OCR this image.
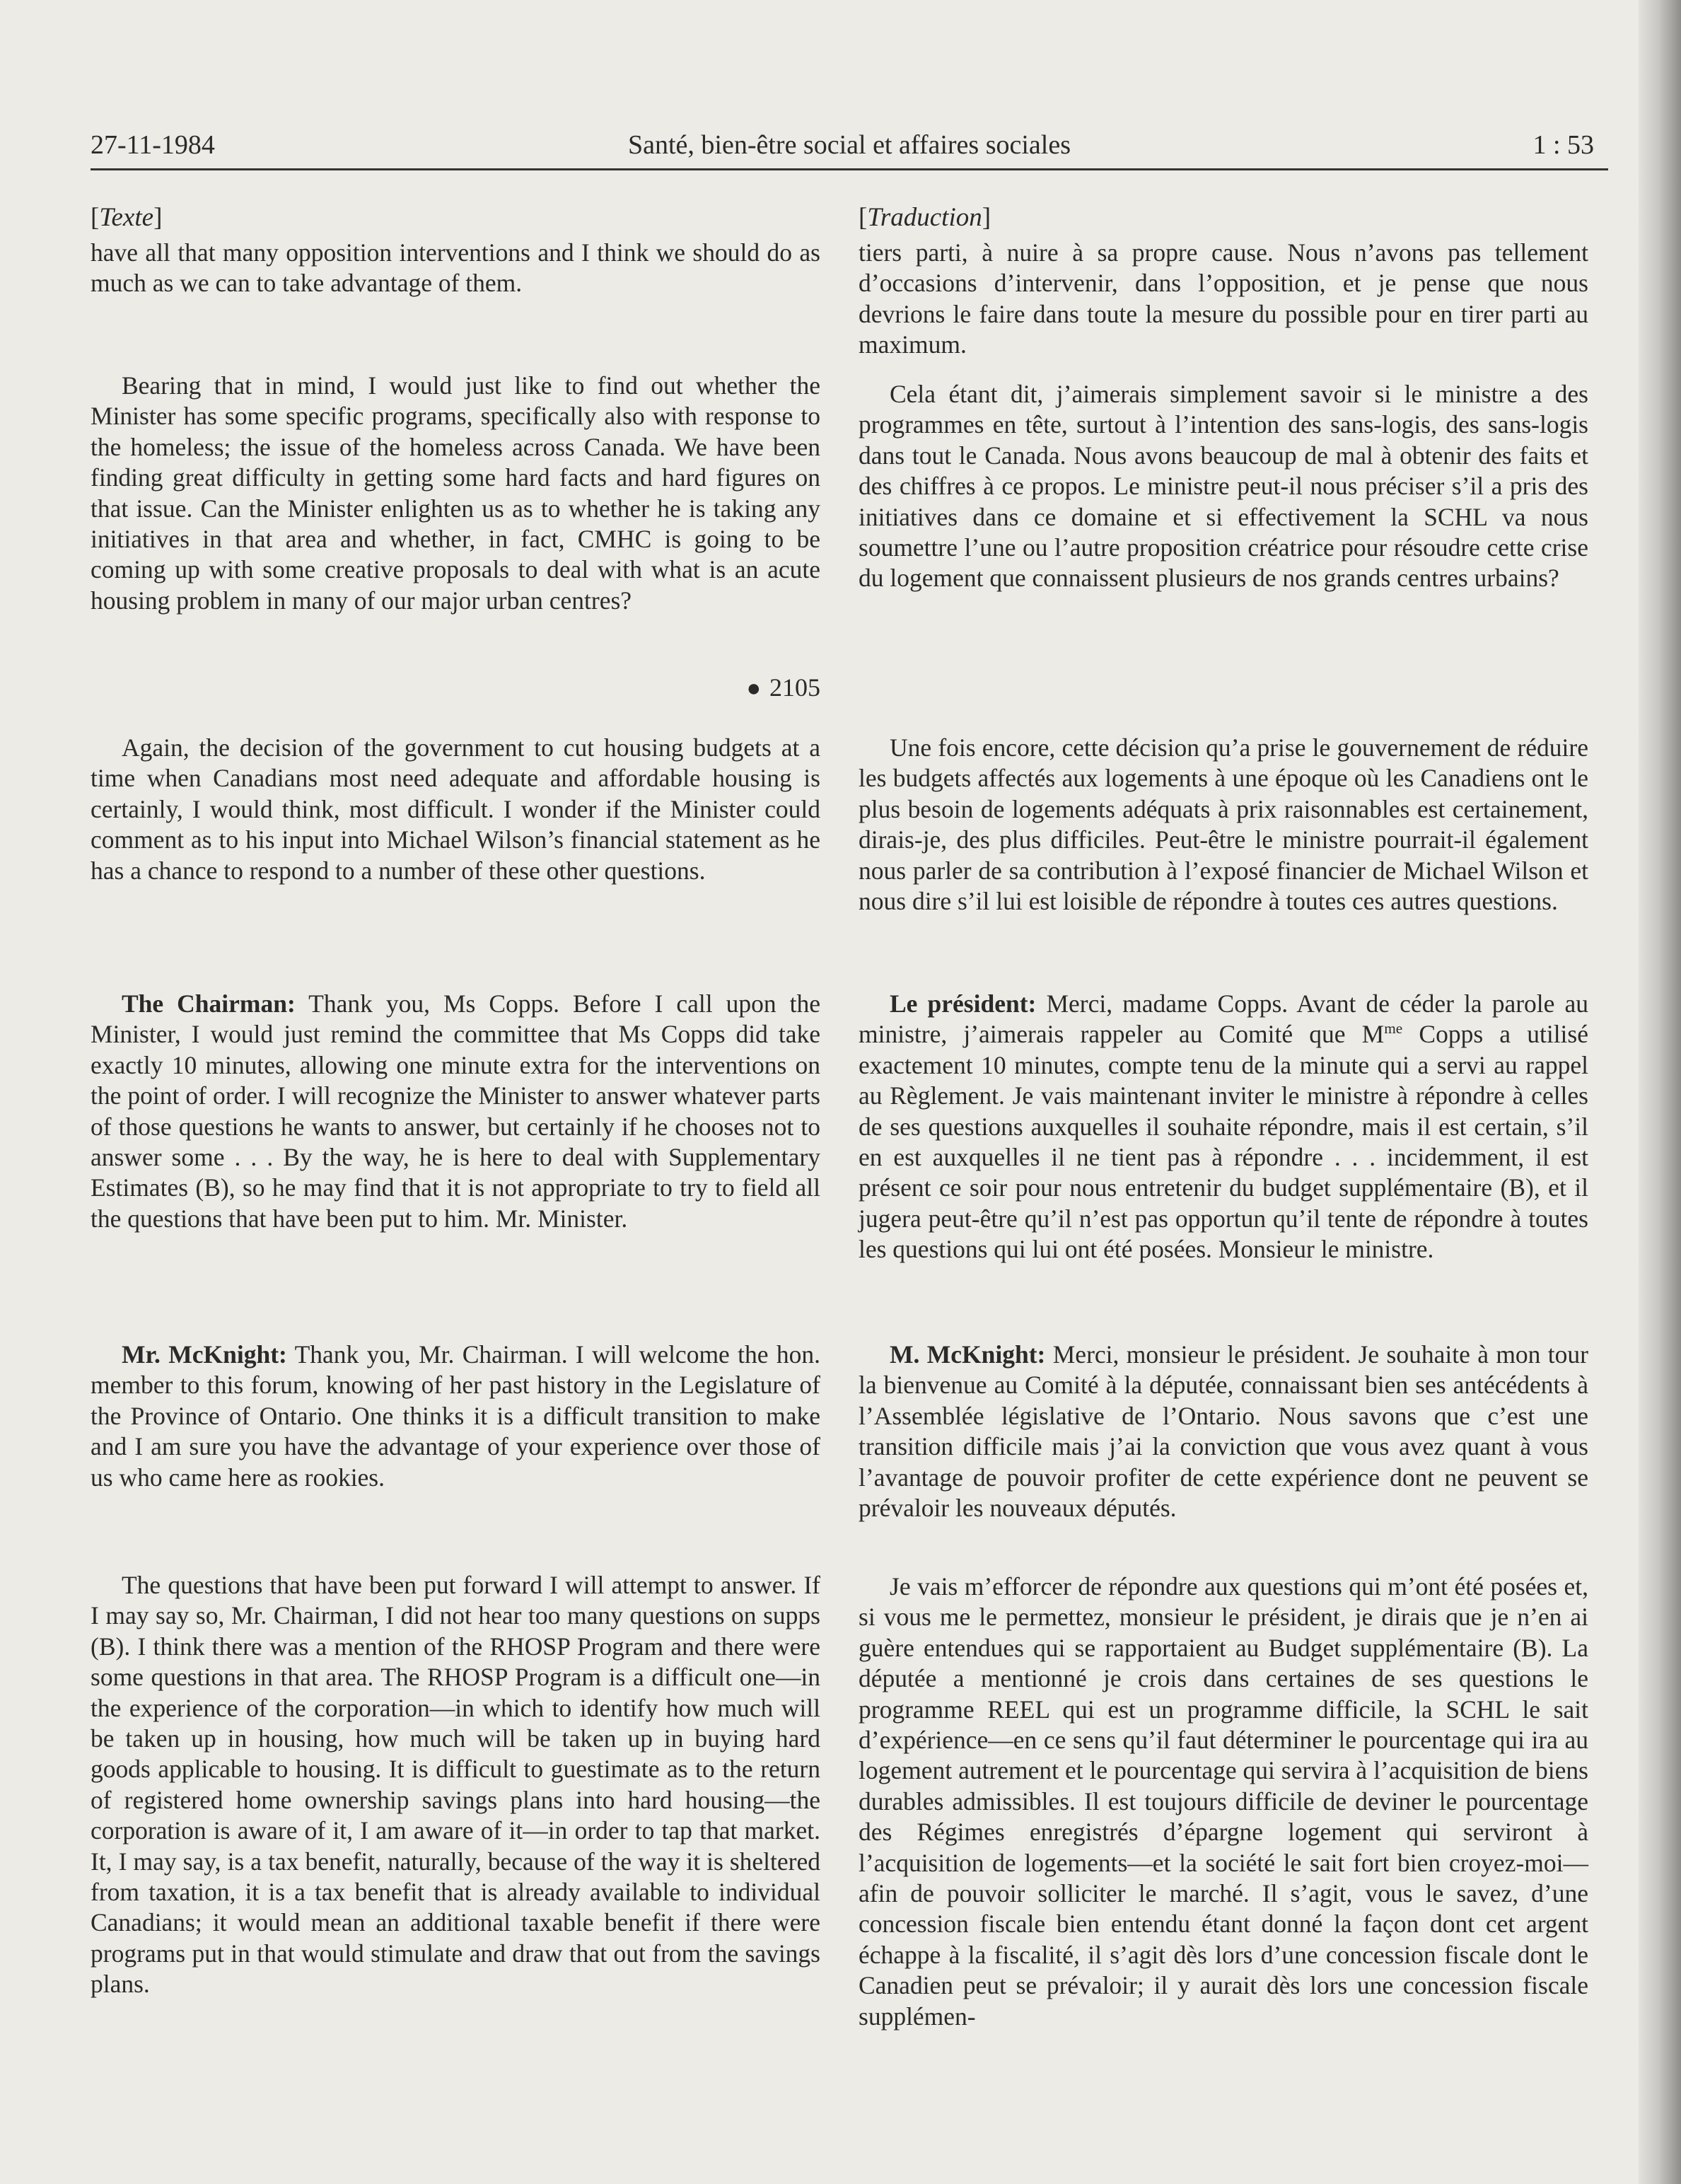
27-11-1984	Santé, bien-être social et affaires sociales	1 : 53
[Texte]

have all that many opposition interventions and I think we should do as much as we can to take advantage of them.

Bearing that in mind, I would just like to find out whether the Minister has some specific programs, specifically also with response to the homeless; the issue of the homeless across Canada. We have been finding great difficulty in getting some hard facts and hard figures on that issue. Can the Minister enlighten us as to whether he is taking any initiatives in that area and whether, in fact, CMHC is going to be coming up with some creative proposals to deal with what is an acute housing problem in many of our major urban centres?

● 2105

Again, the decision of the government to cut housing budgets at a time when Canadians most need adequate and affordable housing is certainly, I would think, most difficult. I wonder if the Minister could comment as to his input into Michael Wilson’s financial statement as he has a chance to respond to a number of these other questions.

The Chairman: Thank you, Ms Copps. Before I call upon the Minister, I would just remind the committee that Ms Copps did take exactly 10 minutes, allowing one minute extra for the interventions on the point of order. I will recognize the Minister to answer whatever parts of those questions he wants to answer, but certainly if he chooses not to answer some . . . By the way, he is here to deal with Supplementary Estimates (B), so he may find that it is not appropriate to try to field all the questions that have been put to him. Mr. Minister.

Mr. McKnight: Thank you, Mr. Chairman. I will welcome the hon. member to this forum, knowing of her past history in the Legislature of the Province of Ontario. One thinks it is a difficult transition to make and I am sure you have the advantage of your experience over those of us who came here as rookies.

The questions that have been put forward I will attempt to answer. If I may say so, Mr. Chairman, I did not hear too many questions on supps (B). I think there was a mention of the RHOSP Program and there were some questions in that area. The RHOSP Program is a difficult one—in the experience of the corporation—in which to identify how much will be taken up in housing, how much will be taken up in buying hard goods applicable to housing. It is difficult to guestimate as to the return of registered home ownership savings plans into hard housing—the corporation is aware of it, I am aware of it—in order to tap that market. It, I may say, is a tax benefit, naturally, because of the way it is sheltered from taxation, it is a tax benefit that is already available to individual Canadians; it would mean an additional taxable benefit if there were programs put in that would stimulate and draw that out from the savings plans.

[Traduction]

tiers parti, à nuire à sa propre cause. Nous n’avons pas tellement d’occasions d’intervenir, dans l’opposition, et je pense que nous devrions le faire dans toute la mesure du possible pour en tirer parti au maximum.

Cela étant dit, j’aimerais simplement savoir si le ministre a des programmes en tête, surtout à l’intention des sans-logis, des sans-logis dans tout le Canada. Nous avons beaucoup de mal à obtenir des faits et des chiffres à ce propos. Le ministre peut-il nous préciser s’il a pris des initiatives dans ce domaine et si effectivement la SCHL va nous soumettre l’une ou l’autre proposition créatrice pour résoudre cette crise du logement que connaissent plusieurs de nos grands centres urbains?

Une fois encore, cette décision qu’a prise le gouvernement de réduire les budgets affectés aux logements à une époque où les Canadiens ont le plus besoin de logements adéquats à prix raisonnables est certainement, dirais-je, des plus difficiles. Peut-être le ministre pourrait-il également nous parler de sa contribution à l’exposé financier de Michael Wilson et nous dire s’il lui est loisible de répondre à toutes ces autres questions.

Le président: Merci, madame Copps. Avant de céder la parole au ministre, j’aimerais rappeler au Comité que $M^{me}$ Copps a utilisé exactement 10 minutes, compte tenu de la minute qui a servi au rappel au Règlement. Je vais maintenant inviter le ministre à répondre à celles de ses questions auxquelles il souhaite répondre, mais il est certain, s’il en est auxquelles il ne tient pas à répondre . . . incidemment, il est présent ce soir pour nous entretenir du budget supplémentaire (B), et il jugera peut-être qu’il n’est pas opportun qu’il tente de répondre à toutes les questions qui lui ont été posées. Monsieur le ministre.

M. McKnight: Merci, monsieur le président. Je souhaite à mon tour la bienvenue au Comité à la députée, connaissant bien ses antécédents à l’Assemblée législative de l’Ontario. Nous savons que c’est une transition difficile mais j’ai la conviction que vous avez quant à vous l’avantage de pouvoir profiter de cette expérience dont ne peuvent se prévaloir les nouveaux députés.

Je vais m’efforcer de répondre aux questions qui m’ont été posées et, si vous me le permettez, monsieur le président, je dirais que je n’en ai guère entendues qui se rapportaient au Budget supplémentaire (B). La députée a mentionné je crois dans certaines de ses questions le programme REEL qui est un programme difficile, la SCHL le sait d’expérience—en ce sens qu’il faut déterminer le pourcentage qui ira au logement autrement et le pourcentage qui servira à l’acquisition de biens durables admissibles. Il est toujours difficile de deviner le pourcentage des Régimes enregistrés d’épargne logement qui serviront à l’acquisition de logements—et la société le sait fort bien croyez-moi—afin de pouvoir solliciter le marché. Il s’agit, vous le savez, d’une concession fiscale bien entendu étant donné la façon dont cet argent échappe à la fiscalité, il s’agit dès lors d’une concession fiscale dont le Canadien peut se prévaloir; il y aurait dès lors une concession fiscale supplémen-
